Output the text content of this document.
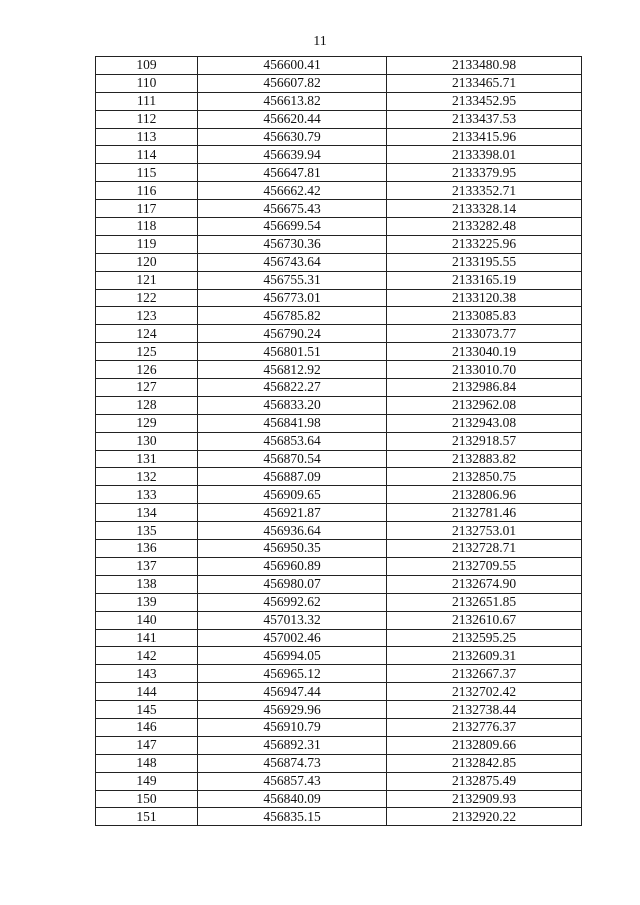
11
109	456600.41	2133480.98
110	456607.82	2133465.71
111	456613.82	2133452.95
112	456620.44	2133437.53
113	456630.79	2133415.96
114	456639.94	2133398.01
115	456647.81	2133379.95
116	456662.42	2133352.71
117	456675.43	2133328.14
118	456699.54	2133282.48
119	456730.36	2133225.96
120	456743.64	2133195.55
121	456755.31	2133165.19
122	456773.01	2133120.38
123	456785.82	2133085.83
124	456790.24	2133073.77
125	456801.51	2133040.19
126	456812.92	2133010.70
127	456822.27	2132986.84
128	456833.20	2132962.08
129	456841.98	2132943.08
130	456853.64	2132918.57
131	456870.54	2132883.82
132	456887.09	2132850.75
133	456909.65	2132806.96
134	456921.87	2132781.46
135	456936.64	2132753.01
136	456950.35	2132728.71
137	456960.89	2132709.55
138	456980.07	2132674.90
139	456992.62	2132651.85
140	457013.32	2132610.67
141	457002.46	2132595.25
142	456994.05	2132609.31
143	456965.12	2132667.37
144	456947.44	2132702.42
145	456929.96	2132738.44
146	456910.79	2132776.37
147	456892.31	2132809.66
148	456874.73	2132842.85
149	456857.43	2132875.49
150	456840.09	2132909.93
151	456835.15	2132920.22
